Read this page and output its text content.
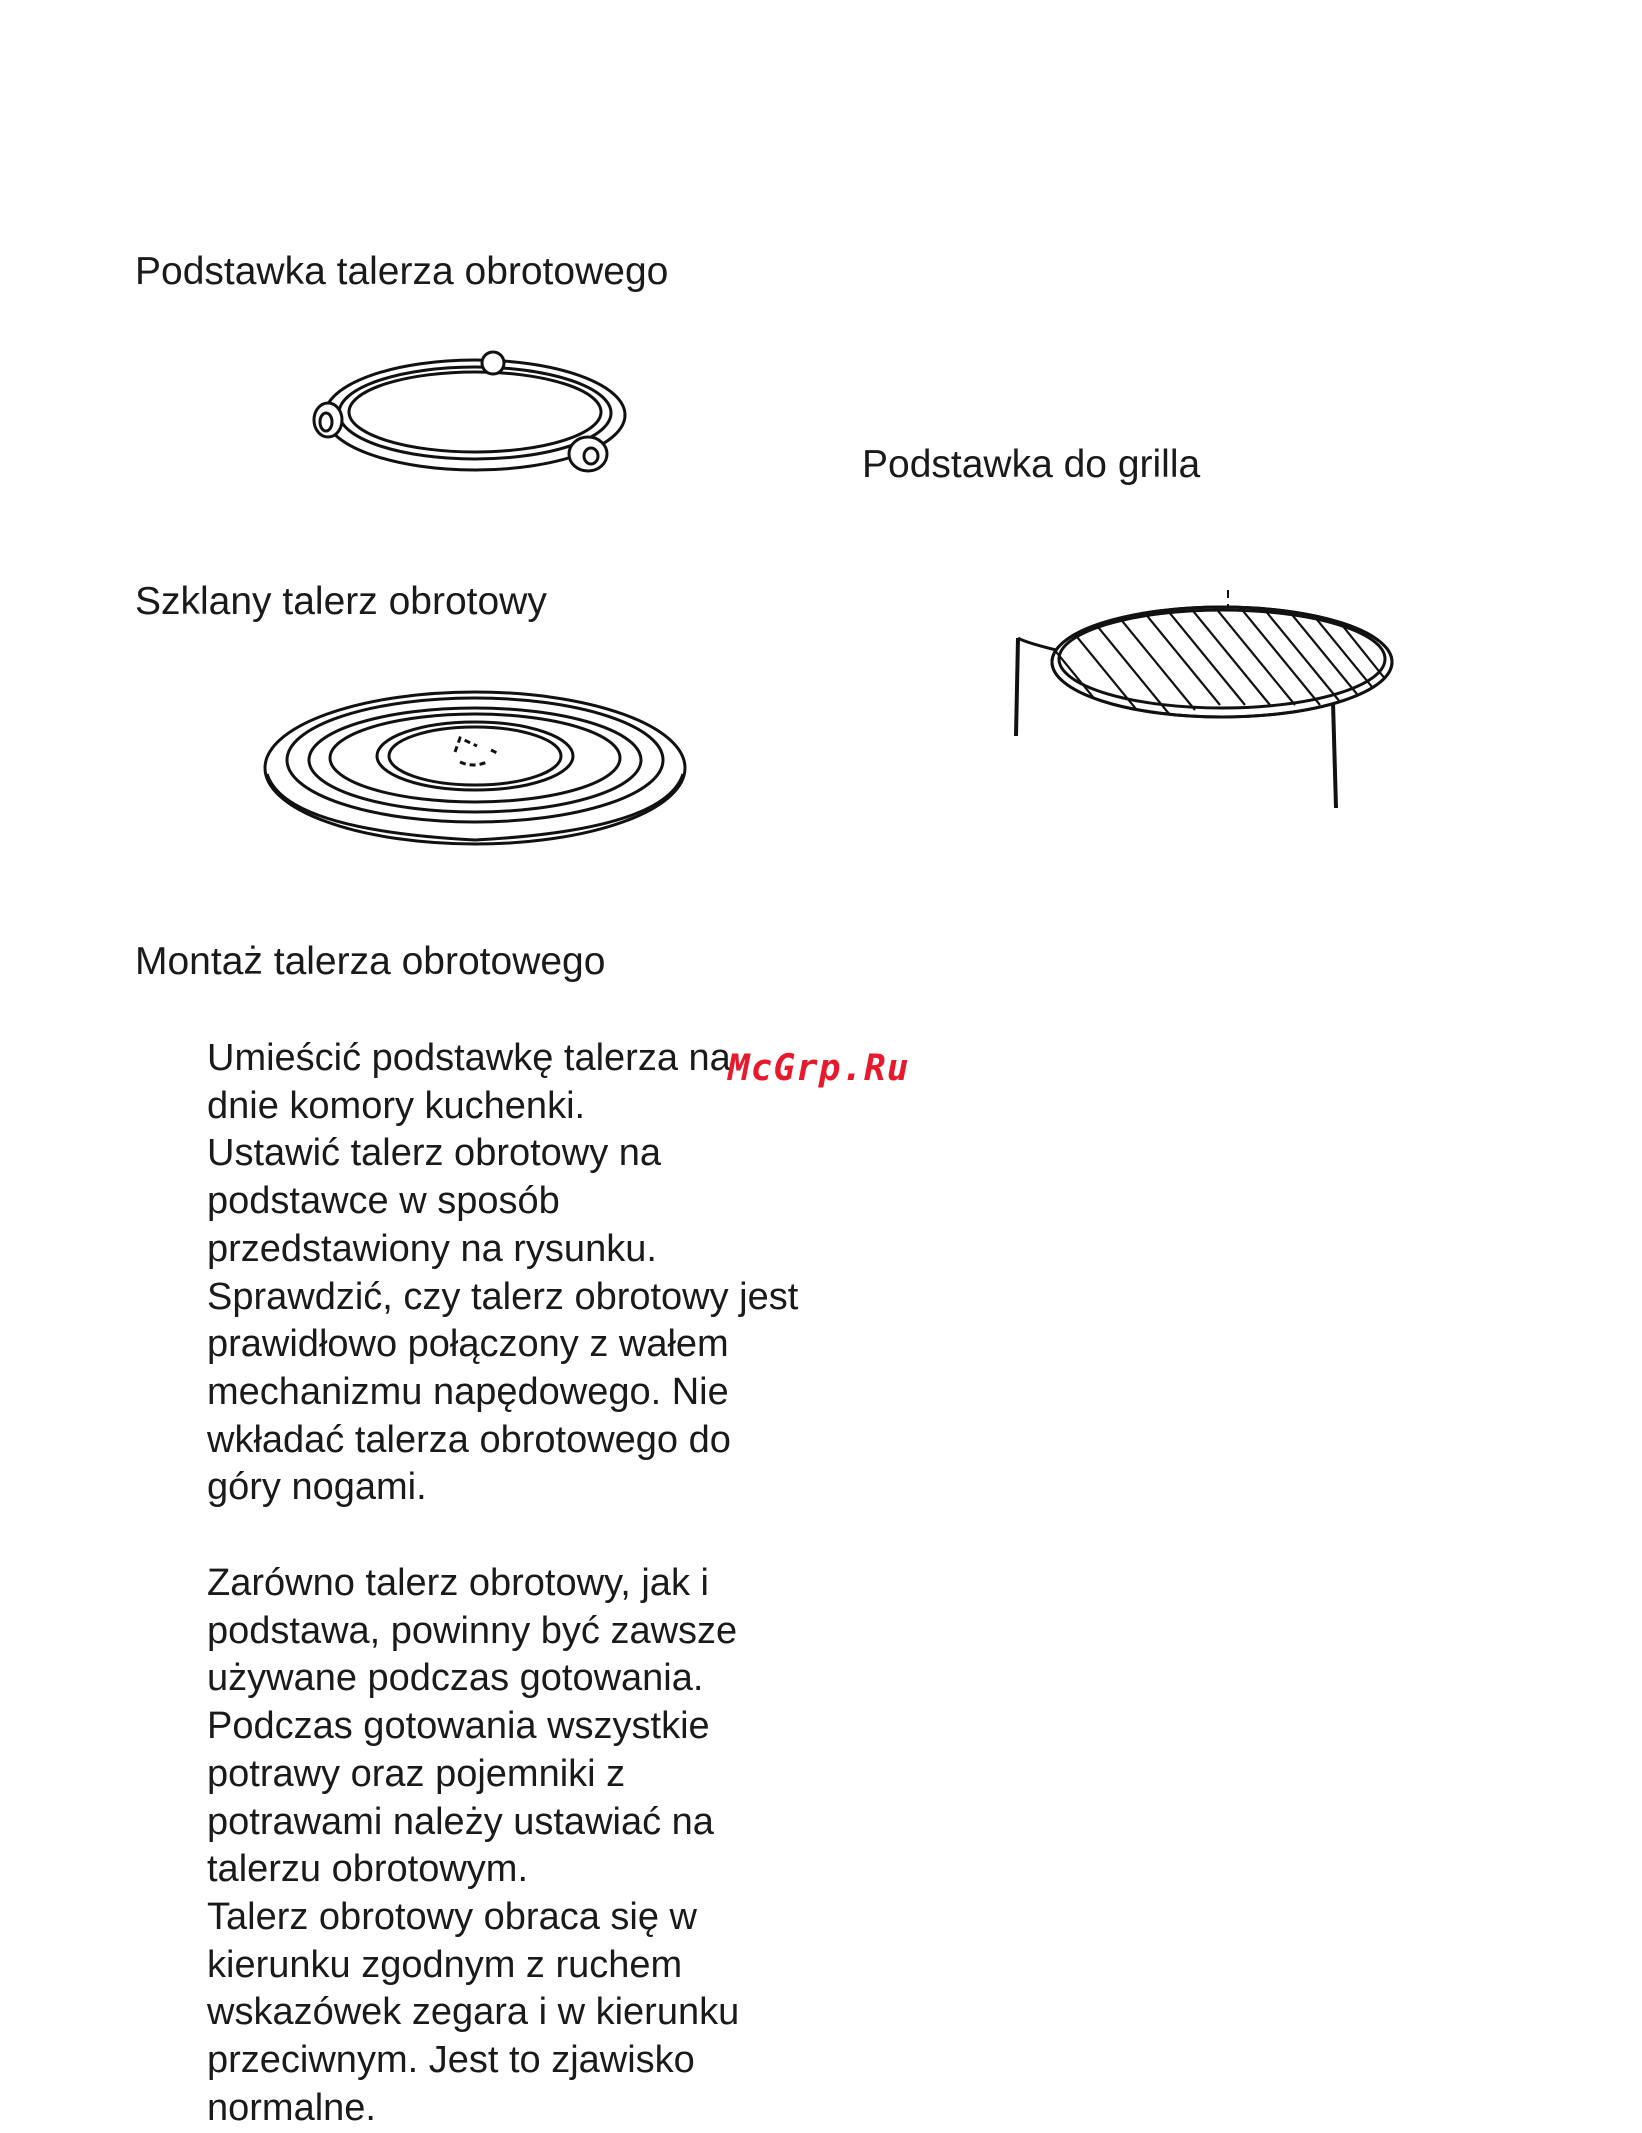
Podstawka talerza obrotowego
Podstawka do grilla
Szklany talerz obrotowy
Montaż talerza obrotowego

Umieścić podstawkę talerza na
dnie komory kuchenki.
Ustawić talerz obrotowy na
podstawce w sposób
przedstawiony na rysunku.
Sprawdzić, czy talerz obrotowy jest
prawidłowo połączony z wałem
mechanizmu napędowego. Nie
wkładać talerza obrotowego do
góry nogami.

Zarówno talerz obrotowy, jak i
podstawa, powinny być zawsze
używane podczas gotowania.
Podczas gotowania wszystkie
potrawy oraz pojemniki z
potrawami należy ustawiać na
talerzu obrotowym.
Talerz obrotowy obraca się w
kierunku zgodnym z ruchem
wskazówek zegara i w kierunku
przeciwnym. Jest to zjawisko
normalne.

McGrp.Ru
